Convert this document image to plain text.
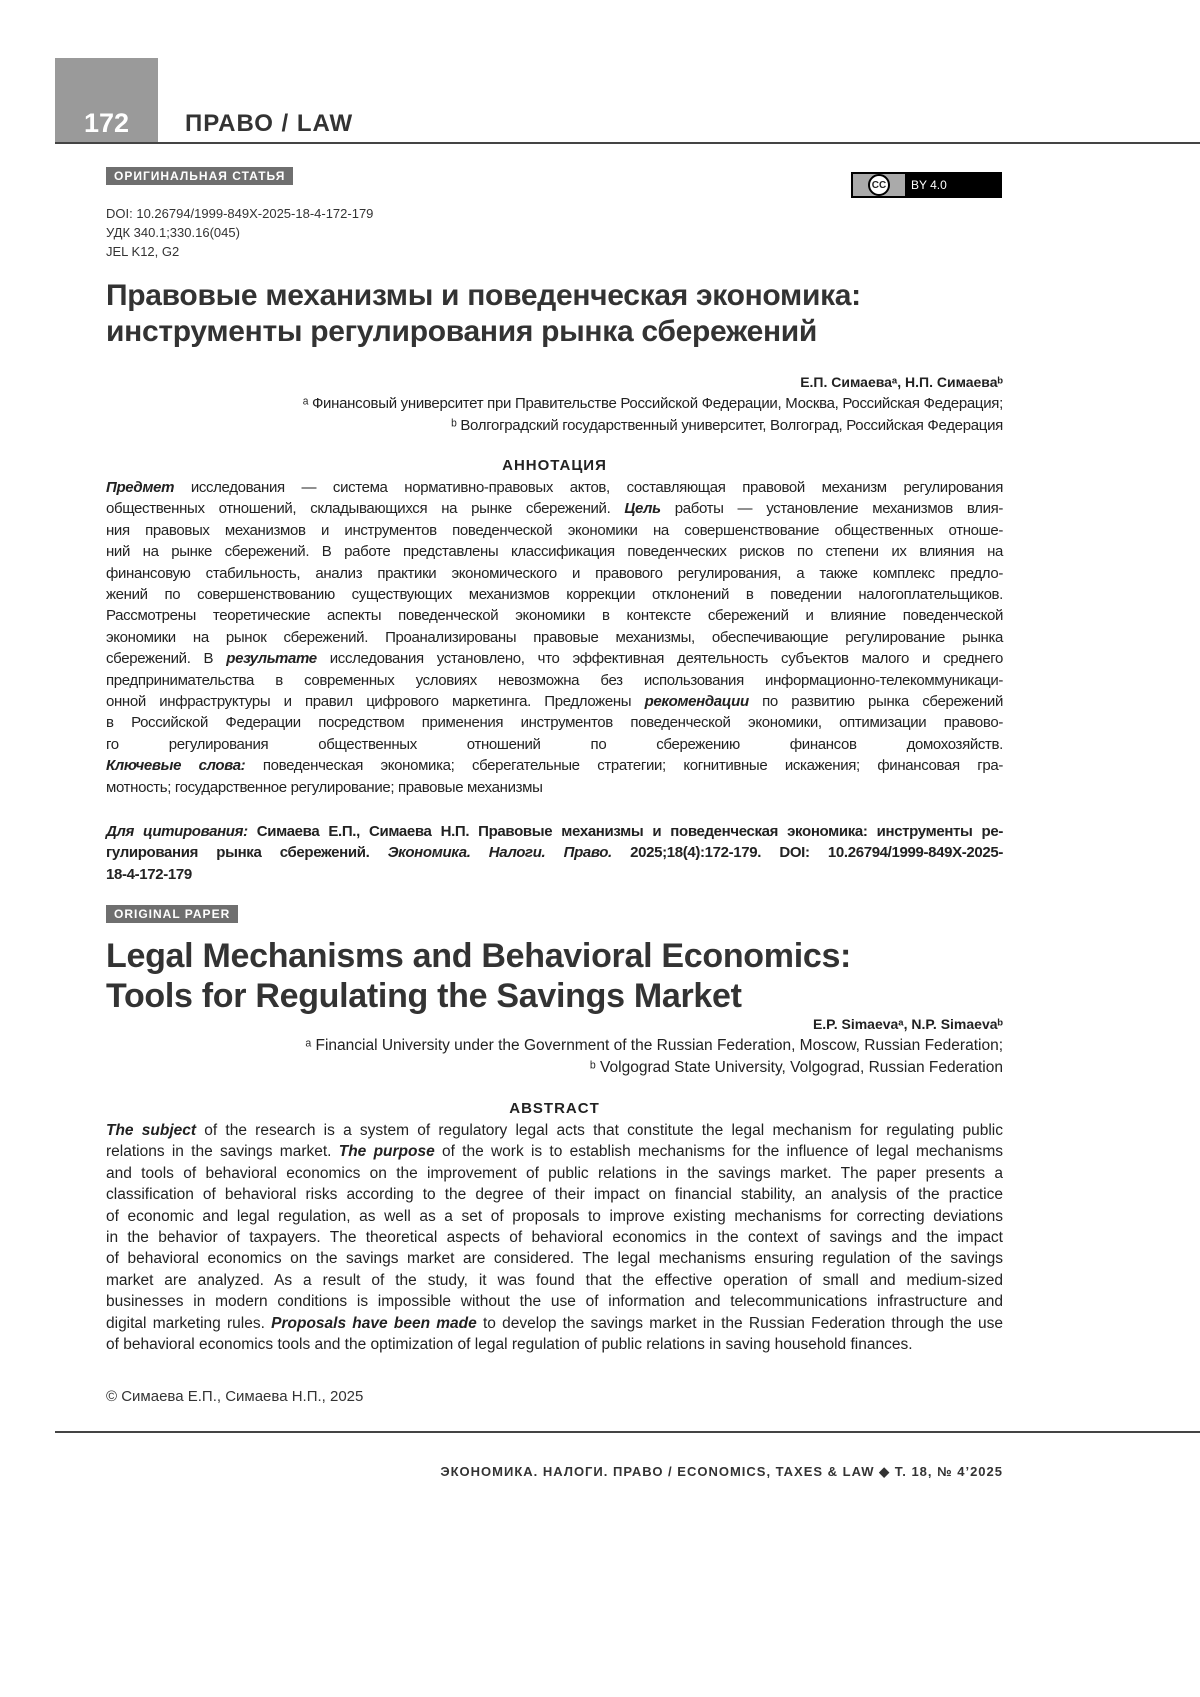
172	ПРАВО / LAW
ОРИГИНАЛЬНАЯ СТАТЬЯ
CC	BY 4.0
DOI: 10.26794/1999-849X-2025-18-4-172-179
УДК 340.1;330.16(045)
JEL K12, G2
Правовые механизмы и поведенческая экономика:
инструменты регулирования рынка сбережений
Е.П. Симаеваᵃ, Н.П. Симаеваᵇ
ᵃ Финансовый университет при Правительстве Российской Федерации, Москва, Российская Федерация;
ᵇ Волгоградский государственный университет, Волгоград, Российская Федерация
АННОТАЦИЯ
Предмет исследования — система нормативно-правовых актов, составляющая правовой механизм регулирования
общественных отношений, складывающихся на рынке сбережений. Цель работы — установление механизмов влия-
ния правовых механизмов и инструментов поведенческой экономики на совершенствование общественных отноше-
ний на рынке сбережений. В работе представлены классификация поведенческих рисков по степени их влияния на
финансовую стабильность, анализ практики экономического и правового регулирования, а также комплекс предло-
жений по совершенствованию существующих механизмов коррекции отклонений в поведении налогоплательщиков.
Рассмотрены теоретические аспекты поведенческой экономики в контексте сбережений и влияние поведенческой
экономики на рынок сбережений. Проанализированы правовые механизмы, обеспечивающие регулирование рынка
сбережений. В результате исследования установлено, что эффективная деятельность субъектов малого и среднего
предпринимательства в современных условиях невозможна без использования информационно-телекоммуникаци-
онной инфраструктуры и правил цифрового маркетинга. Предложены рекомендации по развитию рынка сбережений
в Российской Федерации посредством применения инструментов поведенческой экономики, оптимизации правово-
го регулирования общественных отношений по сбережению финансов домохозяйств.
Ключевые слова: поведенческая экономика; сберегательные стратегии; когнитивные искажения; финансовая гра-
мотность; государственное регулирование; правовые механизмы
Для цитирования: Симаева Е.П., Симаева Н.П. Правовые механизмы и поведенческая экономика: инструменты ре-
гулирования рынка сбережений. Экономика. Налоги. Право. 2025;18(4):172-179. DOI: 10.26794/1999-849X-2025-
18-4-172-179
ORIGINAL PAPER
Legal Mechanisms and Behavioral Economics:
Tools for Regulating the Savings Market
E.P. Simaevaᵃ, N.P. Simaevaᵇ
ᵃ Financial University under the Government of the Russian Federation, Moscow, Russian Federation;
ᵇ Volgograd State University, Volgograd, Russian Federation
ABSTRACT
The subject of the research is a system of regulatory legal acts that constitute the legal mechanism for regulating public
relations in the savings market. The purpose of the work is to establish mechanisms for the influence of legal mechanisms
and tools of behavioral economics on the improvement of public relations in the savings market. The paper presents a
classification of behavioral risks according to the degree of their impact on financial stability, an analysis of the practice
of economic and legal regulation, as well as a set of proposals to improve existing mechanisms for correcting deviations
in the behavior of taxpayers. The theoretical aspects of behavioral economics in the context of savings and the impact
of behavioral economics on the savings market are considered. The legal mechanisms ensuring regulation of the savings
market are analyzed. As a result of the study, it was found that the effective operation of small and medium-sized
businesses in modern conditions is impossible without the use of information and telecommunications infrastructure and
digital marketing rules. Proposals have been made to develop the savings market in the Russian Federation through the use
of behavioral economics tools and the optimization of legal regulation of public relations in saving household finances.
© Симаева Е.П., Симаева Н.П., 2025
ЭКОНОМИКА. НАЛОГИ. ПРАВО / ECONOMICS, TAXES & LAW ◆ Т. 18, № 4’2025
